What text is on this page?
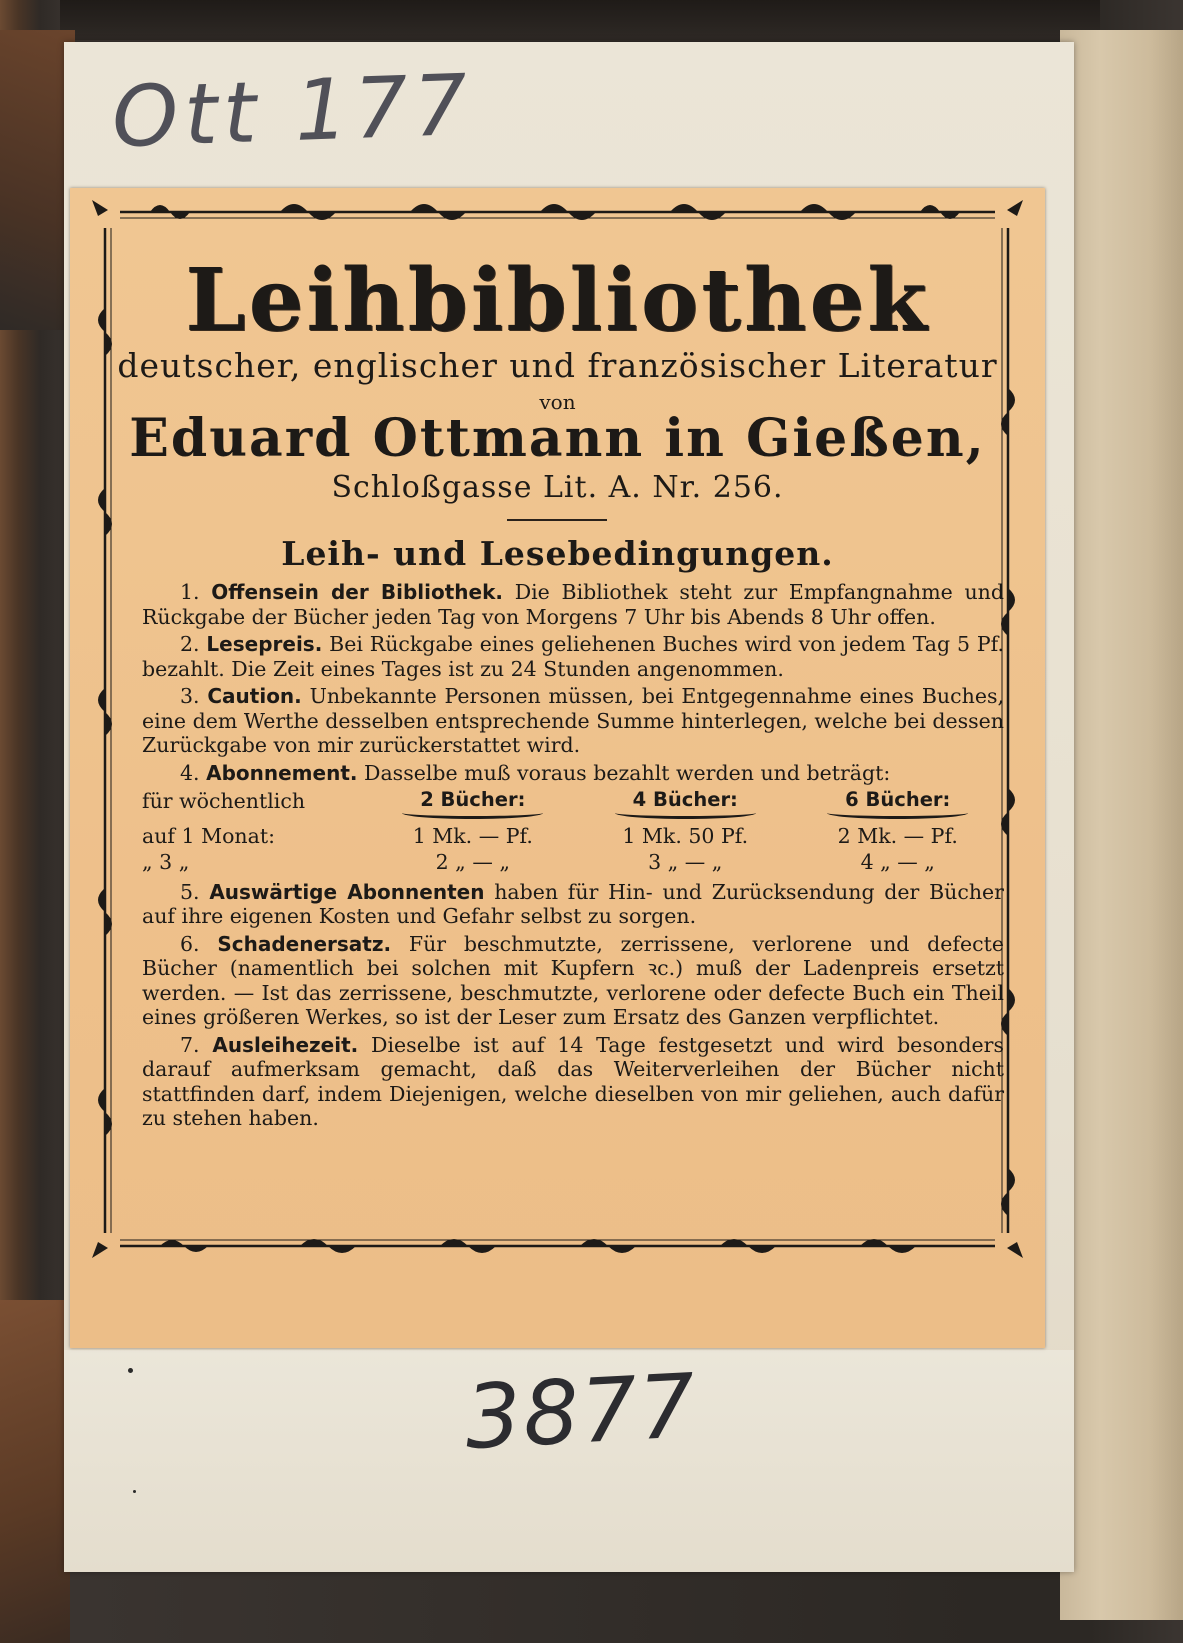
Ott 177
Leihbibliothek
deutscher, englischer und französischer Literatur
von
Eduard Ottmann in Gießen,
Schloßgasse Lit. A. Nr. 256.
Leih- und Lesebedingungen.

1. Offensein der Bibliothek. Die Bibliothek steht zur Empfangnahme und Rückgabe der Bücher jeden Tag von Morgens 7 Uhr bis Abends 8 Uhr offen.

2. Lesepreis. Bei Rückgabe eines geliehenen Buches wird von jedem Tag 5 Pf. bezahlt. Die Zeit eines Tages ist zu 24 Stunden angenommen.

3. Caution. Unbekannte Personen müssen, bei Entgegennahme eines Buches, eine dem Werthe desselben entsprechende Summe hinterlegen, welche bei dessen Zurückgabe von mir zurückerstattet wird.

4. Abonnement. Dasselbe muß voraus bezahlt werden und beträgt:

für wöchentlich	2 Bücher:	4 Bücher:	6 Bücher:
auf 1 Monat:	1 Mk. — Pf.	1 Mk. 50 Pf.	2 Mk. — Pf.
„ 3 „	2 „ — „	3 „ — „	4 „ — „

5. Auswärtige Abonnenten haben für Hin- und Zurücksendung der Bücher auf ihre eigenen Kosten und Gefahr selbst zu sorgen.

6. Schadenersatz. Für beschmutzte, zerrissene, verlorene und defecte Bücher (namentlich bei solchen mit Kupfern ꝛc.) muß der Ladenpreis ersetzt werden. — Ist das zerrissene, beschmutzte, verlorene oder defecte Buch ein Theil eines größeren Werkes, so ist der Leser zum Ersatz des Ganzen verpflichtet.

7. Ausleihezeit. Dieselbe ist auf 14 Tage festgesetzt und wird besonders darauf aufmerksam gemacht, daß das Weiterverleihen der Bücher nicht stattfinden darf, indem Diejenigen, welche dieselben von mir geliehen, auch dafür zu stehen haben.

3877
